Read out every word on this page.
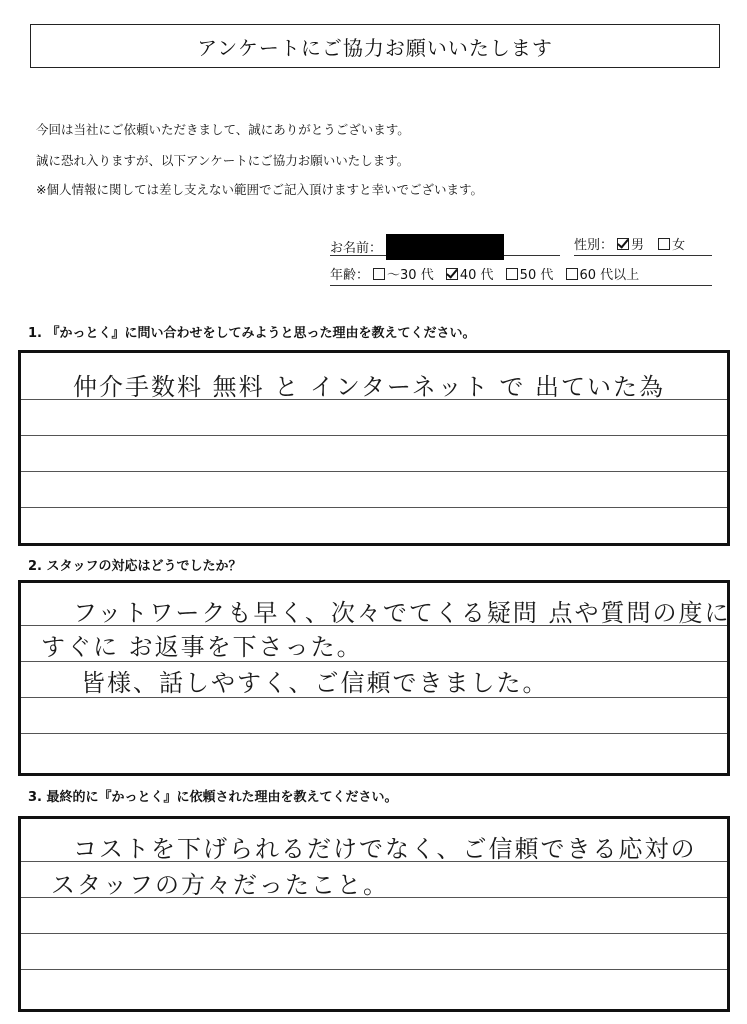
アンケートにご協力お願いいたします
今回は当社にご依頼いただきまして、誠にありがとうございます。
誠に恐れ入りますが、以下アンケートにご協力お願いいたします。
※個人情報に関しては差し支えない範囲でご記入頂けますと幸いでございます。
お名前：	性別： 男 女
年齢： ～30 代 40 代 50 代 60 代以上
1. 『かっとく』に問い合わせをしてみようと思った理由を教えてください。
仲介手数料 無料 と インターネット で 出ていた為
2. スタッフの対応はどうでしたか？
フットワークも早く、次々でてくる疑問 点や質問の度に
すぐに お返事を下さった。
皆様、話しやすく、ご信頼できました。
3. 最終的に『かっとく』に依頼された理由を教えてください。
コストを下げられるだけでなく、ご信頼できる応対の
スタッフの方々だったこと。
